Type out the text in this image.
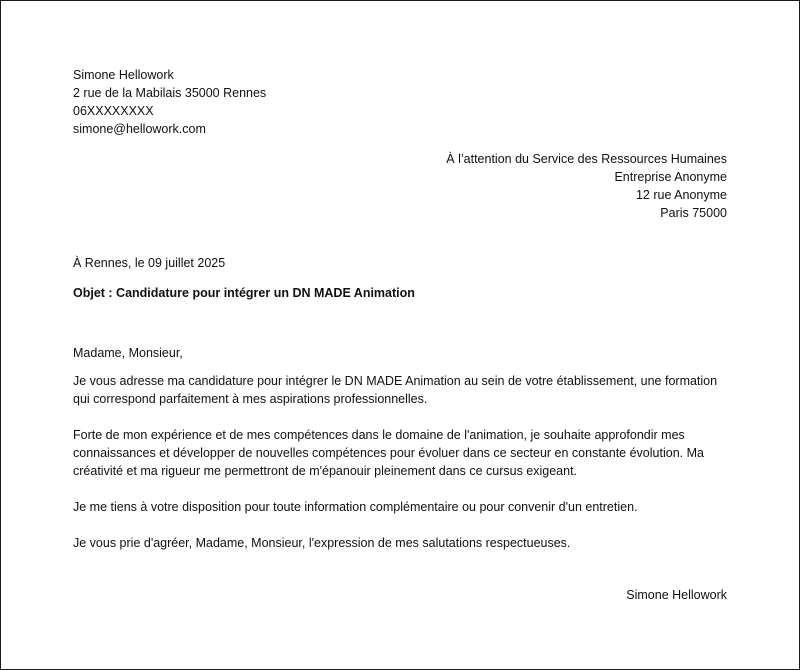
Simone Hellowork
2 rue de la Mabilais 35000 Rennes
06XXXXXXXX
simone@hellowork.com
À l’attention du Service des Ressources Humaines
Entreprise Anonyme
12 rue Anonyme
Paris 75000
À Rennes, le 09 juillet 2025
Objet : Candidature pour intégrer un DN MADE Animation
Madame, Monsieur,
Je vous adresse ma candidature pour intégrer le DN MADE Animation au sein de votre établissement, une formation qui correspond parfaitement à mes aspirations professionnelles.
Forte de mon expérience et de mes compétences dans le domaine de l'animation, je souhaite approfondir mes connaissances et développer de nouvelles compétences pour évoluer dans ce secteur en constante évolution. Ma créativité et ma rigueur me permettront de m'épanouir pleinement dans ce cursus exigeant.
Je me tiens à votre disposition pour toute information complémentaire ou pour convenir d'un entretien.
Je vous prie d'agréer, Madame, Monsieur, l'expression de mes salutations respectueuses.
Simone Hellowork
